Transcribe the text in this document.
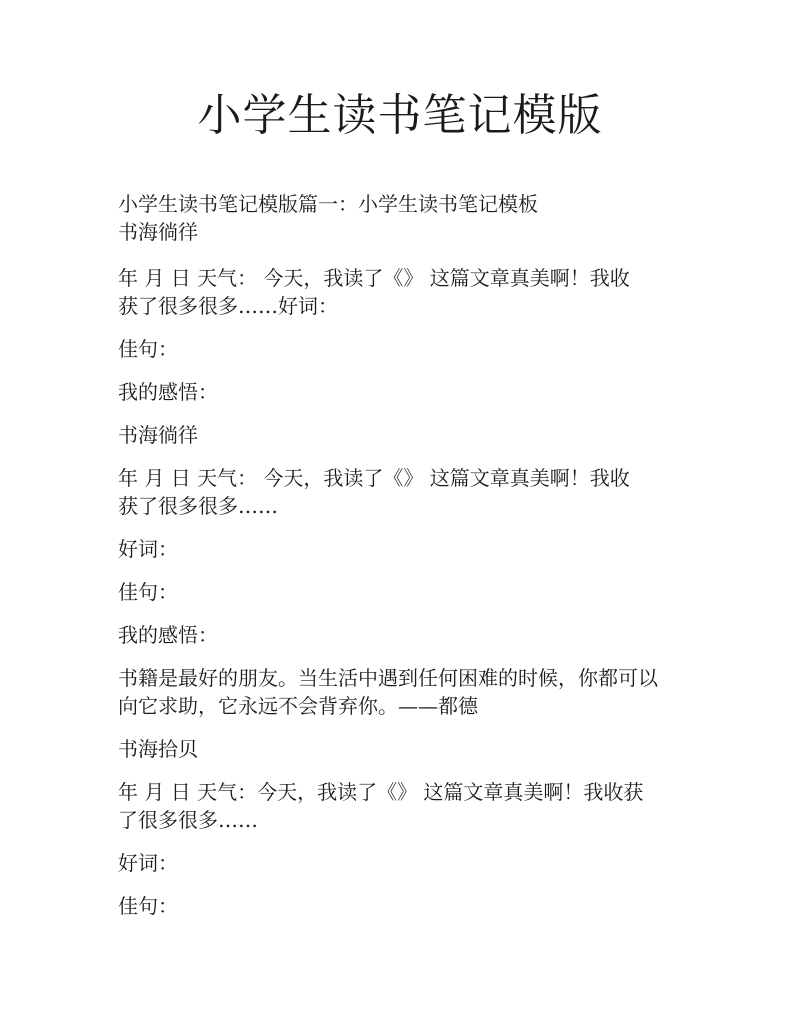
小学生读书笔记模版
小学生读书笔记模版篇一：小学生读书笔记模板
书海徜徉
年 月 日 天气： 今天，我读了《》 这篇文章真美啊！我收
获了很多很多……好词：
佳句：
我的感悟：
书海徜徉
年 月 日 天气： 今天，我读了《》 这篇文章真美啊！我收
获了很多很多……
好词：
佳句：
我的感悟：
书籍是最好的朋友。当生活中遇到任何困难的时候，你都可以
向它求助，它永远不会背弃你。——都德
书海拾贝
年 月 日 天气：今天，我读了《》 这篇文章真美啊！我收获
了很多很多……
好词：
佳句：
